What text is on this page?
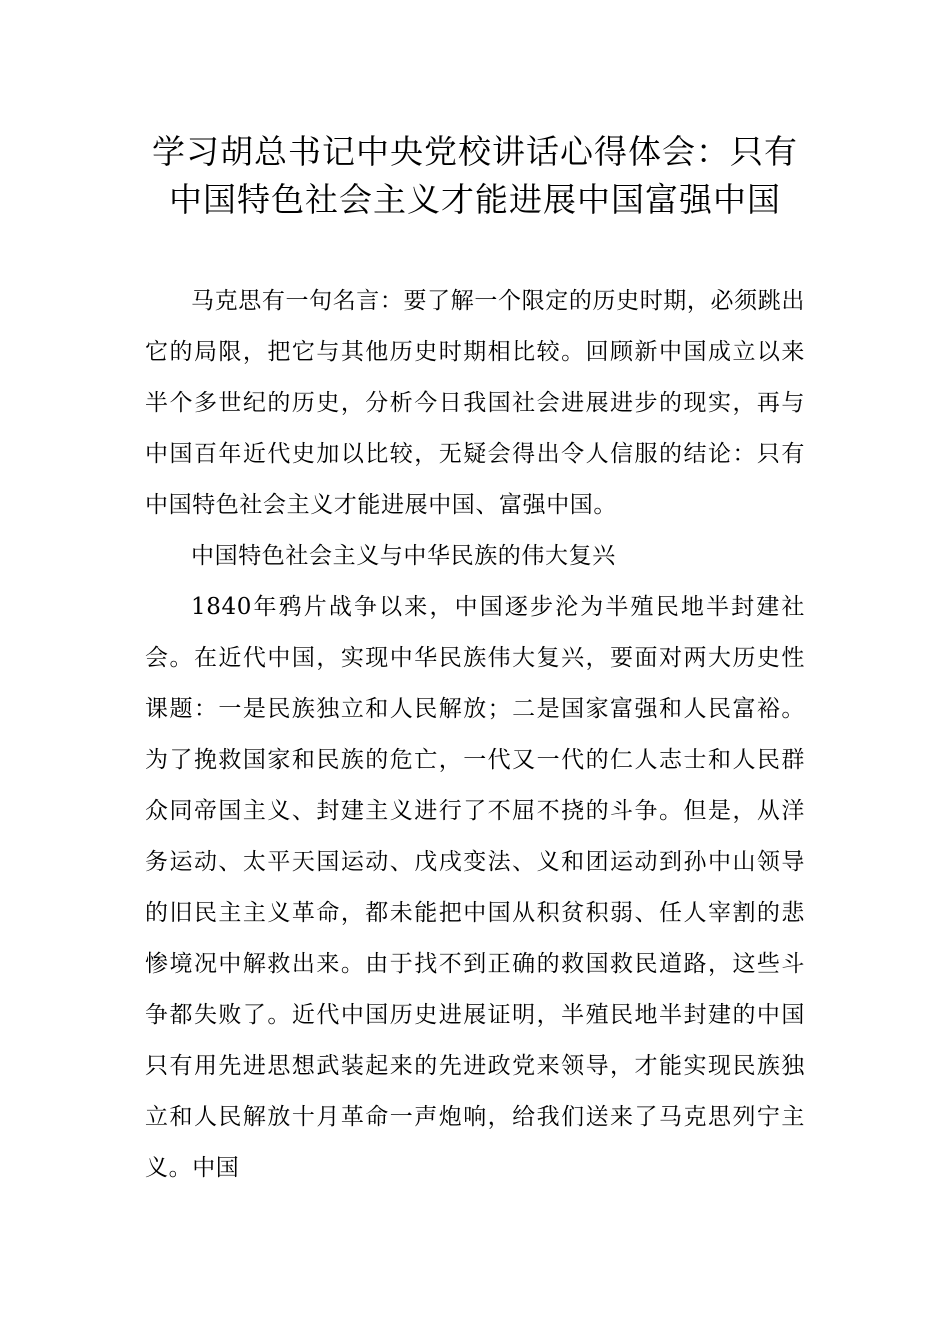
学习胡总书记中央党校讲话心得体会：只有中国特色社会主义才能进展中国富强中国

马克思有一句名言：要了解一个限定的历史时期，必须跳出它的局限，把它与其他历史时期相比较。回顾新中国成立以来半个多世纪的历史，分析今日我国社会进展进步的现实，再与中国百年近代史加以比较，无疑会得出令人信服的结论：只有中国特色社会主义才能进展中国、富强中国。

中国特色社会主义与中华民族的伟大复兴

1840年鸦片战争以来，中国逐步沦为半殖民地半封建社会。在近代中国，实现中华民族伟大复兴，要面对两大历史性课题：一是民族独立和人民解放；二是国家富强和人民富裕。为了挽救国家和民族的危亡，一代又一代的仁人志士和人民群众同帝国主义、封建主义进行了不屈不挠的斗争。但是，从洋务运动、太平天国运动、戊戌变法、义和团运动到孙中山领导的旧民主主义革命，都未能把中国从积贫积弱、任人宰割的悲惨境况中解救出来。由于找不到正确的救国救民道路，这些斗争都失败了。近代中国历史进展证明，半殖民地半封建的中国只有用先进思想武装起来的先进政党来领导，才能实现民族独立和人民解放十月革命一声炮响，给我们送来了马克思列宁主义。中国
